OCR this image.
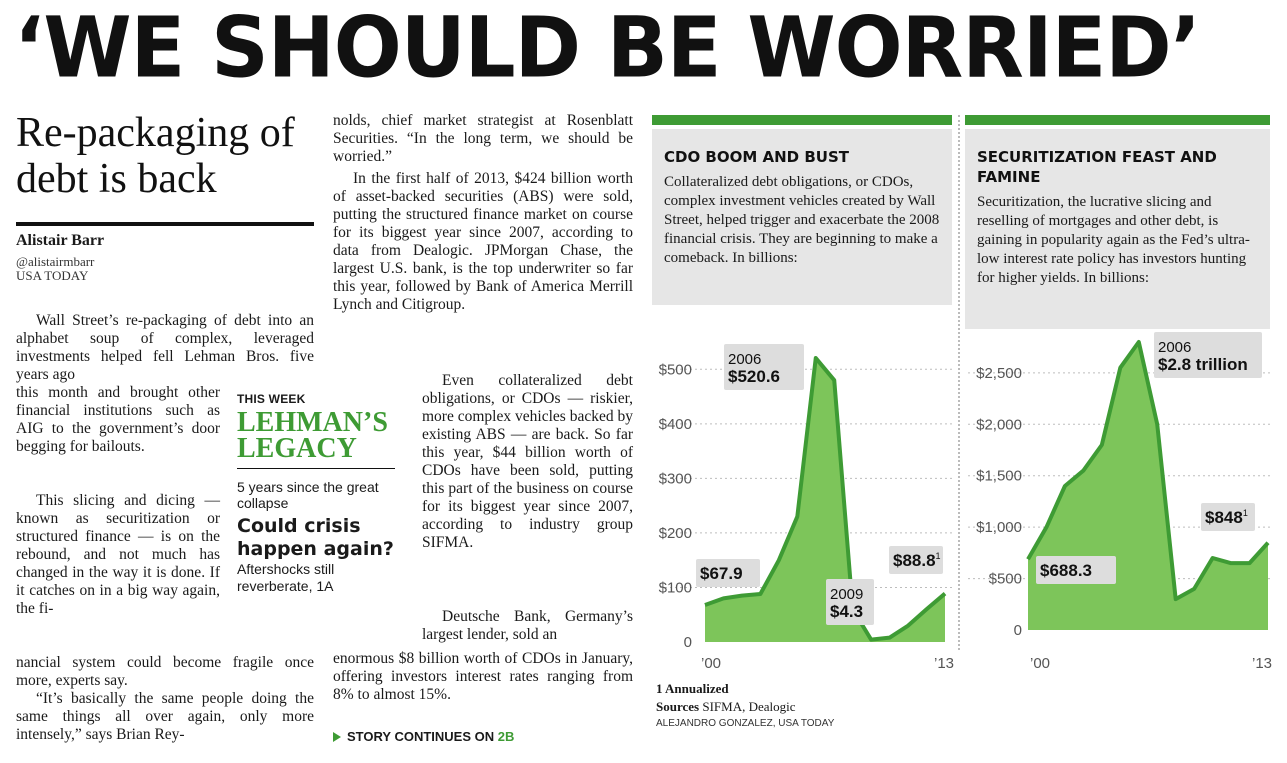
‘WE SHOULD BE WORRIED’
Re-packaging of debt is back
Alistair Barr
@alistairmbarr
USA TODAY
Wall Street’s re-packaging of debt into an alphabet soup of complex, leveraged investments helped fell Lehman Bros. five years ago
this month and brought other financial institutions such as AIG to the government’s door begging for bailouts.
This slicing and dicing — known as securitization or structured finance — is on the rebound, and not much has changed in the way it is done. If it catches on in a big way again, the fi-
nancial system could become fragile once more, experts say.
“It’s basically the same people doing the same things all over again, only more intensely,” says Brian Rey-
THIS WEEK
LEHMAN’S LEGACY
5 years since the great collapse
Could crisis happen again?
Aftershocks still reverberate, 1A
nolds, chief market strategist at Rosenblatt Securities. “In the long term, we should be worried.”
In the first half of 2013, $424 billion worth of asset-backed securities (ABS) were sold, putting the structured finance market on course for its biggest year since 2007, according to data from Dealogic. JPMorgan Chase, the largest U.S. bank, is the top underwriter so far this year, followed by Bank of America Merrill Lynch and Citigroup.
Even collateralized debt obligations, or CDOs — riskier, more complex vehicles backed by existing ABS — are back. So far this year, $44 billion worth of CDOs have been sold, putting this part of the business on course for its biggest year since 2007, according to industry group SIFMA.
Deutsche Bank, Germany’s largest lender, sold an
enormous $8 billion worth of CDOs in January, offering investors interest rates ranging from 8% to almost 15%.
STORY CONTINUES ON 2B
CDO BOOM AND BUST
Collateralized debt obligations, or CDOs, complex investment vehicles created by Wall Street, helped trigger and exacerbate the 2008 financial crisis. They are beginning to make a comeback. In billions:
SECURITIZATION FEAST AND FAMINE
Securitization, the lucrative slicing and reselling of mortgages and other debt, is gaining in popularity again as the Fed’s ultra-low interest rate policy has investors hunting for higher yields. In billions:
0
$100
$200
$300
$400
$500
’00	’13
$67.9
2006
$520.6
2009
$4.3
$88.8$^1$
0
$500
$1,000
$1,500
$2,000
$2,500
’00	’13
$688.3
2006
$2.8 trillion
$\$848^1$
1 Annualized
Sources SIFMA, Dealogic
ALEJANDRO GONZALEZ, USA TODAY
